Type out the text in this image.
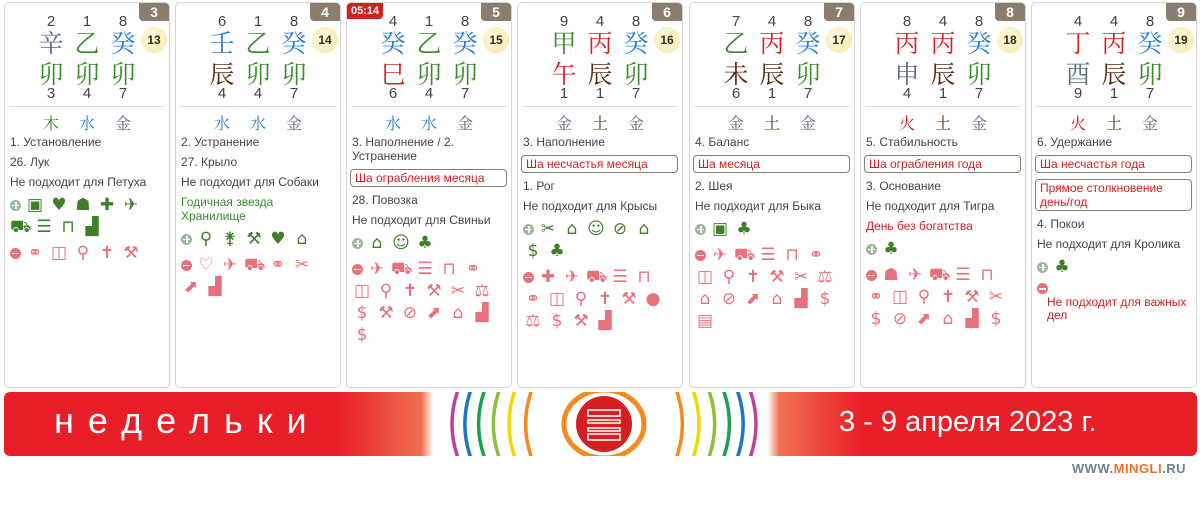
3
2	1	8
辛 乙 癸
卯 卯 卯
3	4	7
木	水	金
13
1. Установление
26. Лук
Не подходит для Петуха
▣ ♥ ☗ ✚ ✈
⛟ ☰ ⊓ ▟
⚭ ◫ ⚲ ✝ ⚒
4
6	1	8
壬 乙 癸
辰 卯 卯
4	4	7
水	水	金
14
2. Устранение
27. Крыло
Не подходит для Собаки
Годичная звезда Хранилище
⚲ ⚵ ⚒ ♥ ⌂
♡ ✈ ⛟ ⚭ ✂
⬈ ▟
05:14	5
4	1	8
癸 乙 癸
巳 卯 卯
6	4	7
水	水	金
15
3. Наполнение / 2. Устранение
Ша ограбления месяца
28. Повозка
Не подходит для Свиньи
⌂ ☺ ♣
✈ ⛟ ☰ ⊓ ⚭
◫ ⚲ ✝ ⚒ ✂ ⚖
$ ⚒ ⊘ ⬈ ⌂ ▟
$
6
9	4	8
甲 丙 癸
午 辰 卯
1	1	7
金	土	金
16
3. Наполнение
Ша несчастья месяца
1. Рог
Не подходит для Крысы
✂ ⌂ ☺ ⊘ ⌂
$ ♣
✚ ✈ ⛟ ☰ ⊓
⚭ ◫ ⚲ ✝ ⚒ ●
⚖ $ ⚒ ▟
7
7	4	8
乙 丙 癸
未 辰 卯
6	1	7
金	土	金
17
4. Баланс
Ша месяца
2. Шея
Не подходит для Быка
▣ ♣
✈ ⛟ ☰ ⊓ ⚭
◫ ⚲ ✝ ⚒ ✂ ⚖
⌂ ⊘ ⬈ ⌂ ▟ $
▤
8
8	4	8
丙 丙 癸
申 辰 卯
4	1	7
火	土	金
18
5. Стабильность
Ша ограбления года
3. Основание
Не подходит для Тигра
День без богатства
♣
☗ ✈ ⛟ ☰ ⊓
⚭ ◫ ⚲ ✝ ⚒ ✂
$ ⊘ ⬈ ⌂ ▟ $
9
4	4	8
丁 丙 癸
酉 辰 卯
9	1	7
火	土	金
19
6. Удержание
Ша несчастья года
Прямое столкновение день/год
4. Покои
Не подходит для Кролика
♣
Не подходит для важных дел
недельки	3 - 9 апреля 2023 г.
WWW.MINGLI.RU
